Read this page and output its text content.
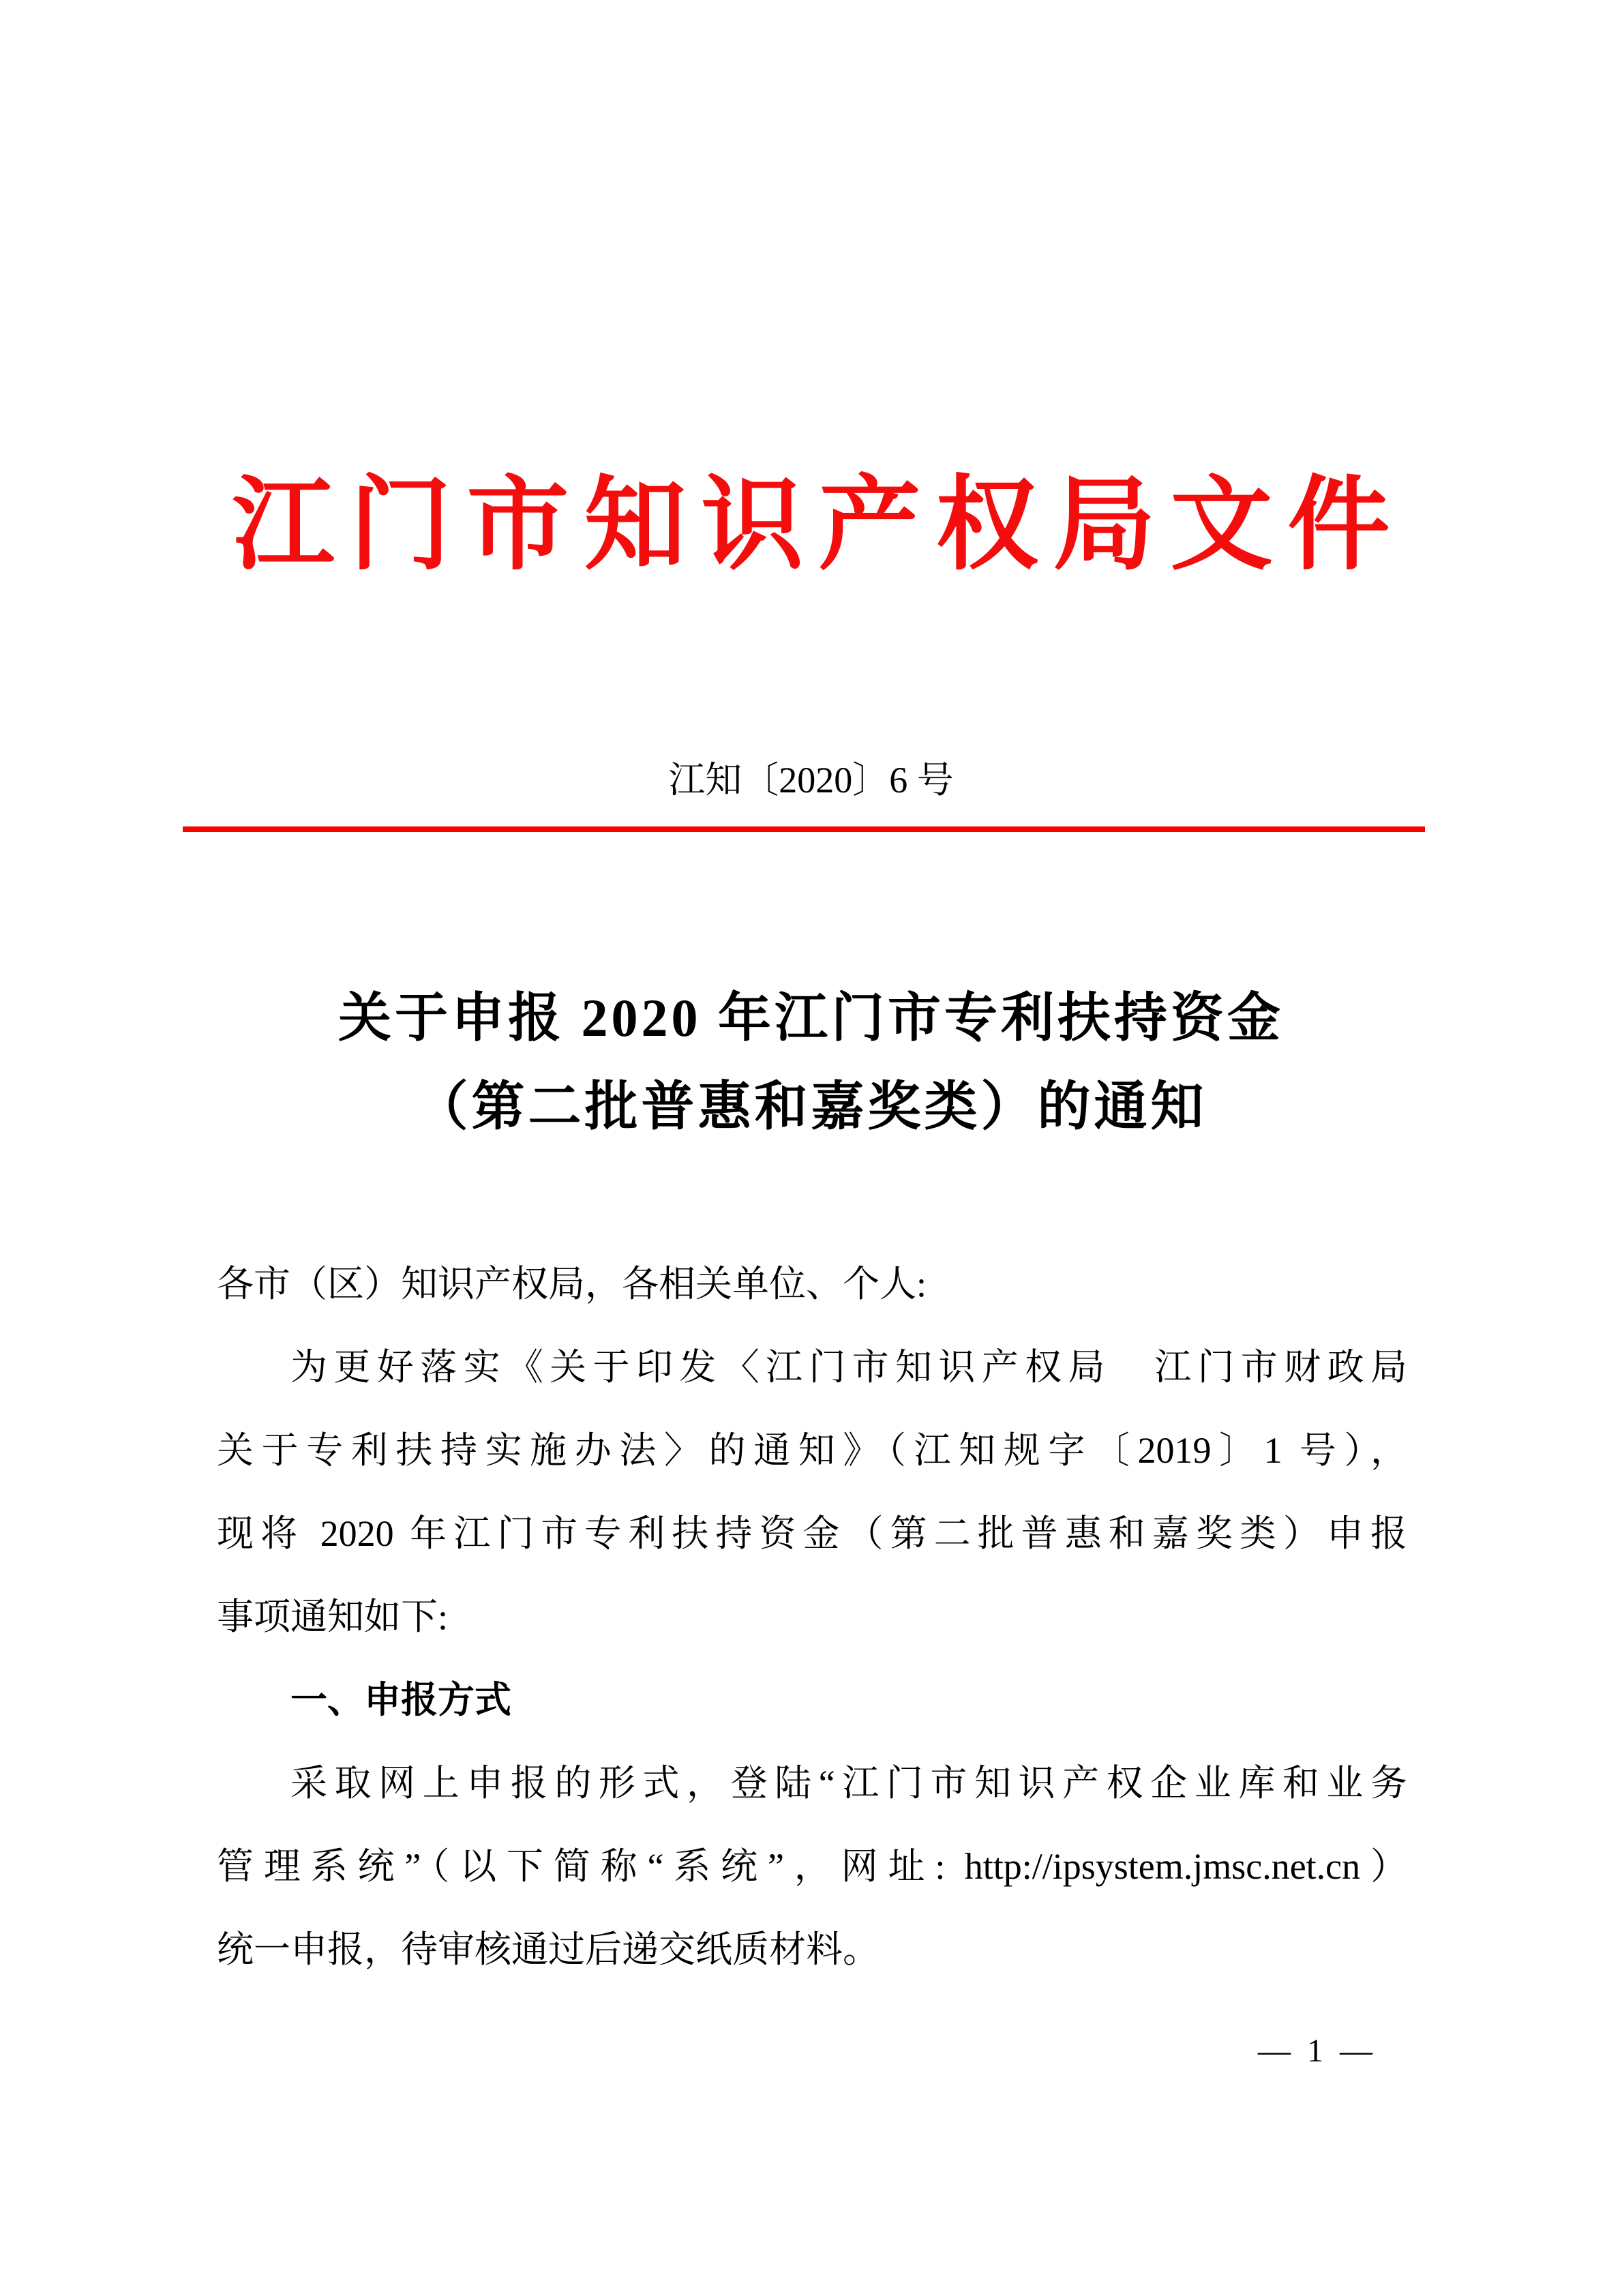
江门市知识产权局文件
江知〔2020〕6 号
关于申报 2020 年江门市专利扶持资金
（第二批普惠和嘉奖类）的通知
各市（区）知识产权局，各相关单位、个人:
为更好落实《关于印发〈江门市知识产权局　江门市财政局
关于专利扶持实施办法〉的通知》（江知规字〔2019〕1 号），
现将 2020 年江门市专利扶持资金（第二批普惠和嘉奖类）申报
事项通知如下:
一、申报方式
采取网上申报的形式，登陆“江门市知识产权企业库和业务
管理系统”（以下简称“系统”，网址: http://ipsystem.jmsc.net.cn）
统一申报，待审核通过后递交纸质材料。
— 1 —
